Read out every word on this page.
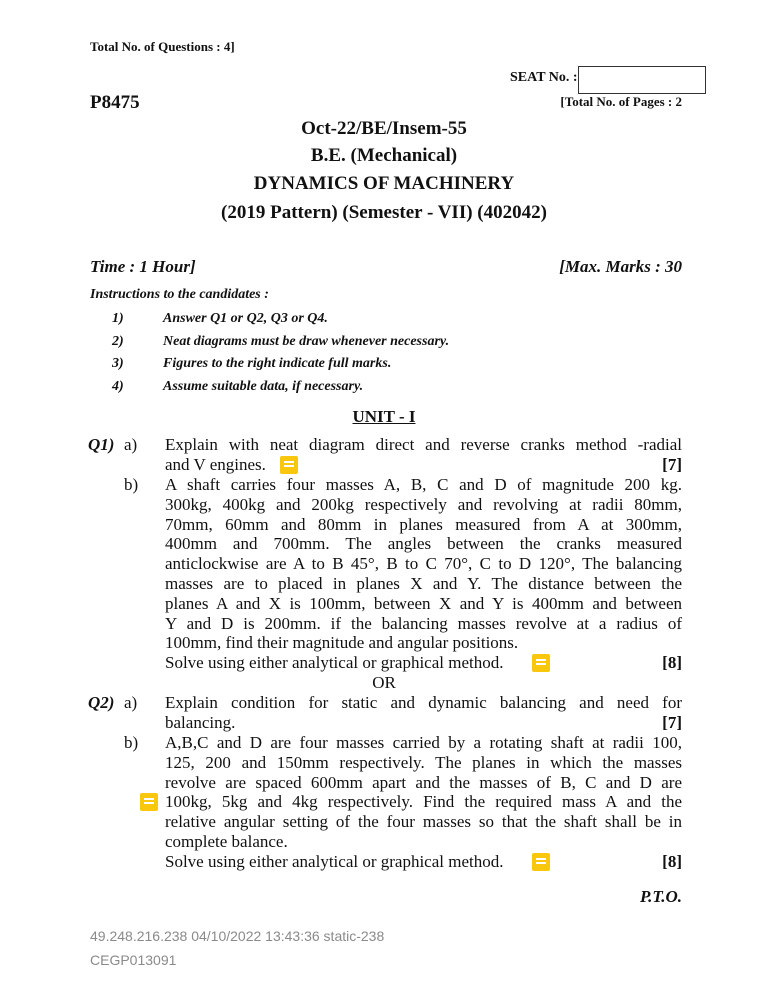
Total No. of Questions : 4]
SEAT No. :
P8475	[Total No. of Pages : 2
Oct-22/BE/Insem-55
B.E. (Mechanical)
DYNAMICS OF MACHINERY
(2019 Pattern) (Semester - VII) (402042)
Time : 1 Hour]	[Max. Marks : 30
Instructions to the candidates :
1)	Answer Q1 or Q2, Q3 or Q4.
2)	Neat diagrams must be draw whenever necessary.
3)	Figures to the right indicate full marks.
4)	Assume suitable data, if necessary.
UNIT - I
Q1) a) Explain with neat diagram direct and reverse cranks method -radial
and V engines.	[7]
b) A shaft carries four masses A, B, C and D of magnitude 200 kg.
300kg, 400kg and 200kg respectively and revolving at radii 80mm,
70mm, 60mm and 80mm in planes measured from A at 300mm,
400mm and 700mm. The angles between the cranks measured
anticlockwise are A to B 45°, B to C 70°, C to D 120°, The balancing
masses are to placed in planes X and Y. The distance between the
planes A and X is 100mm, between X and Y is 400mm and between
Y and D is 200mm. if the balancing masses revolve at a radius of
100mm, find their magnitude and angular positions.
Solve using either analytical or graphical method.	[8]
OR
Q2) a) Explain condition for static and dynamic balancing and need for
balancing.	[7]
b) A,B,C and D are four masses carried by a rotating shaft at radii 100,
125, 200 and 150mm respectively. The planes in which the masses
revolve are spaced 600mm apart and the masses of B, C and D are
100kg, 5kg and 4kg respectively. Find the required mass A and the
relative angular setting of the four masses so that the shaft shall be in
complete balance.
Solve using either analytical or graphical method.	[8]
P.T.O.
49.248.216.238 04/10/2022 13:43:36 static-238
CEGP013091
